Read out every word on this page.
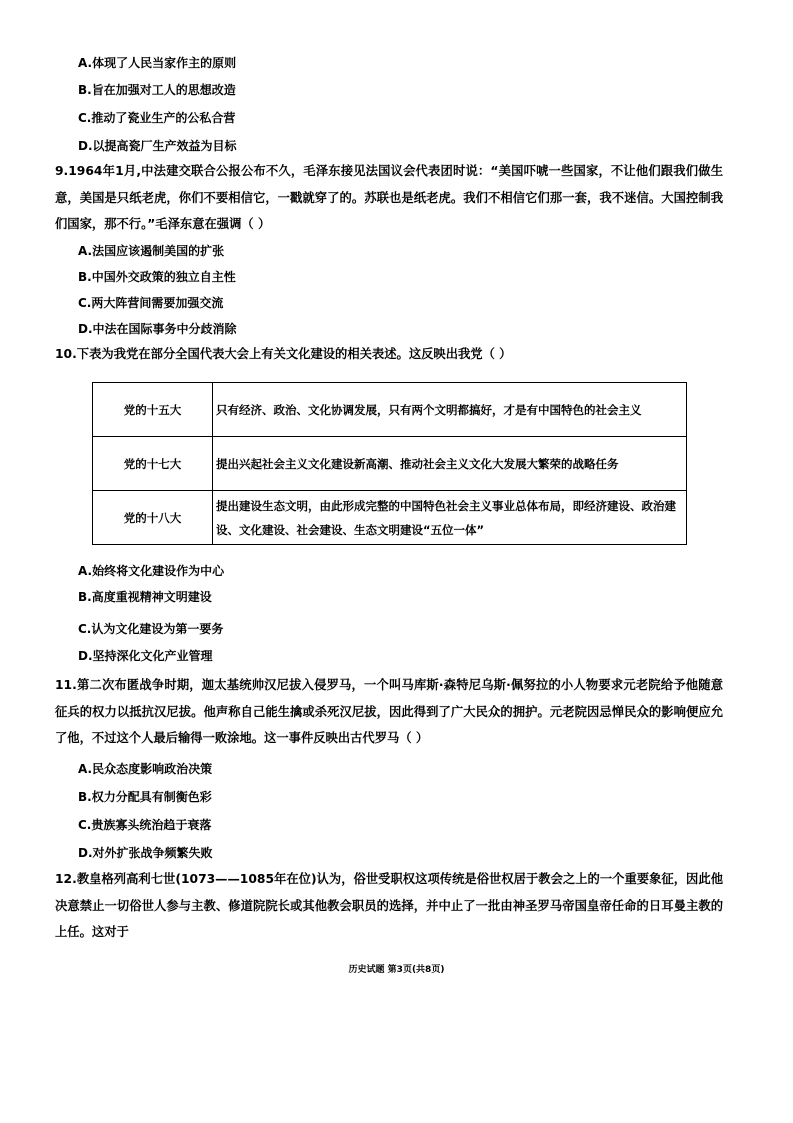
A.体现了人民当家作主的原则
B.旨在加强对工人的思想改造
C.推动了瓷业生产的公私合营
D.以提高瓷厂生产效益为目标
9.1964年1月,中法建交联合公报公布不久，毛泽东接见法国议会代表团时说：“美国吓唬一些国家，不让他们跟我们做生意，美国是只纸老虎，你们不要相信它，一戳就穿了的。苏联也是纸老虎。我们不相信它们那一套，我不迷信。大国控制我们国家，那不行。”毛泽东意在强调（ ）
A.法国应该遏制美国的扩张
B.中国外交政策的独立自主性
C.两大阵营间需要加强交流
D.中法在国际事务中分歧消除
10.下表为我党在部分全国代表大会上有关文化建设的相关表述。这反映出我党（ ）
党的十五大	只有经济、政治、文化协调发展，只有两个文明都搞好，才是有中国特色的社会主义
党的十七大	提出兴起社会主义文化建设新高潮、推动社会主义文化大发展大繁荣的战略任务
党的十八大	提出建设生态文明，由此形成完整的中国特色社会主义事业总体布局，即经济建设、政治建设、文化建设、社会建设、生态文明建设“五位一体”
A.始终将文化建设作为中心
B.高度重视精神文明建设
C.认为文化建设为第一要务
D.坚持深化文化产业管理
11.第二次布匿战争时期，迦太基统帅汉尼拔入侵罗马，一个叫马库斯·森特尼乌斯·佩努拉的小人物要求元老院给予他随意征兵的权力以抵抗汉尼拔。他声称自己能生擒或杀死汉尼拔，因此得到了广大民众的拥护。元老院因忌惮民众的影响便应允了他，不过这个人最后输得一败涂地。这一事件反映出古代罗马（ ）
A.民众态度影响政治决策
B.权力分配具有制衡色彩
C.贵族寡头统治趋于衰落
D.对外扩张战争频繁失败
12.教皇格列高利七世(1073——1085年在位)认为，俗世受职权这项传统是俗世权居于教会之上的一个重要象征，因此他决意禁止一切俗世人参与主教、修道院院长或其他教会职员的选择，并中止了一批由神圣罗马帝国皇帝任命的日耳曼主教的上任。这对于
历史试题 第3页(共8页)
